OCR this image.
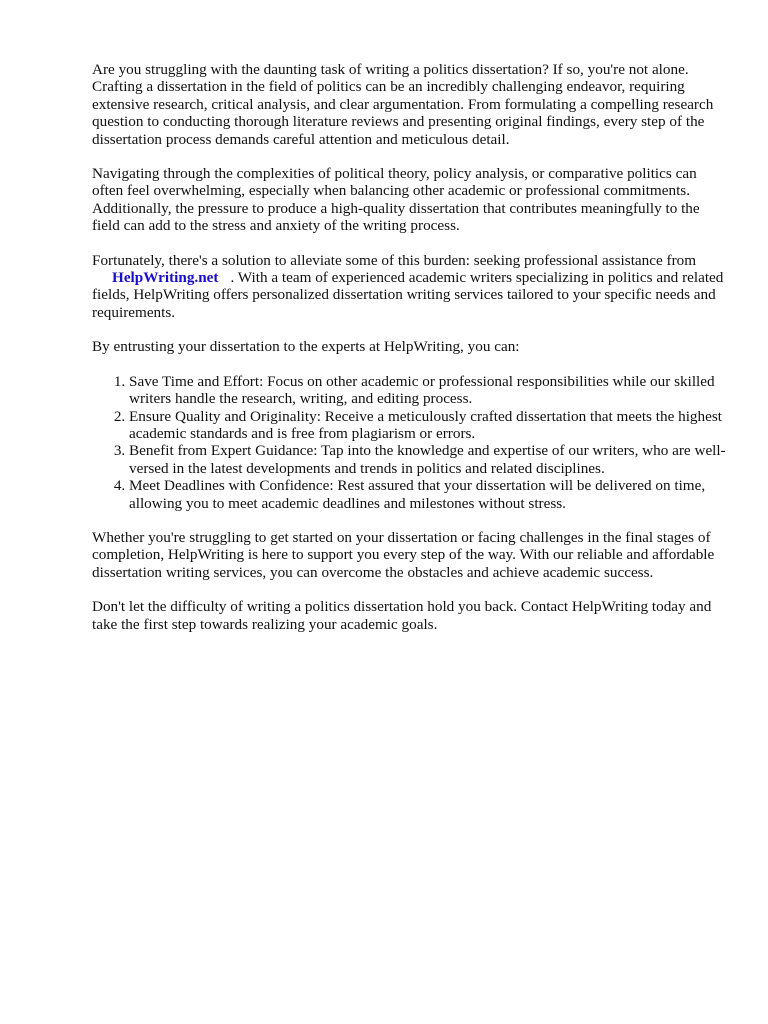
Are you struggling with the daunting task of writing a politics dissertation? If so, you're not alone. Crafting a dissertation in the field of politics can be an incredibly challenging endeavor, requiring extensive research, critical analysis, and clear argumentation. From formulating a compelling research question to conducting thorough literature reviews and presenting original findings, every step of the dissertation process demands careful attention and meticulous detail.

Navigating through the complexities of political theory, policy analysis, or comparative politics can often feel overwhelming, especially when balancing other academic or professional commitments. Additionally, the pressure to produce a high-quality dissertation that contributes meaningfully to the field can add to the stress and anxiety of the writing process.

Fortunately, there's a solution to alleviate some of this burden: seeking professional assistance from
HelpWriting.net . With a team of experienced academic writers specializing in politics and related fields, HelpWriting offers personalized dissertation writing services tailored to your specific needs and requirements.

By entrusting your dissertation to the experts at HelpWriting, you can:

1. Save Time and Effort: Focus on other academic or professional responsibilities while our skilled writers handle the research, writing, and editing process.
2. Ensure Quality and Originality: Receive a meticulously crafted dissertation that meets the highest academic standards and is free from plagiarism or errors.
3. Benefit from Expert Guidance: Tap into the knowledge and expertise of our writers, who are well-versed in the latest developments and trends in politics and related disciplines.
4. Meet Deadlines with Confidence: Rest assured that your dissertation will be delivered on time, allowing you to meet academic deadlines and milestones without stress.

Whether you're struggling to get started on your dissertation or facing challenges in the final stages of completion, HelpWriting is here to support you every step of the way. With our reliable and affordable dissertation writing services, you can overcome the obstacles and achieve academic success.

Don't let the difficulty of writing a politics dissertation hold you back. Contact HelpWriting today and take the first step towards realizing your academic goals.
